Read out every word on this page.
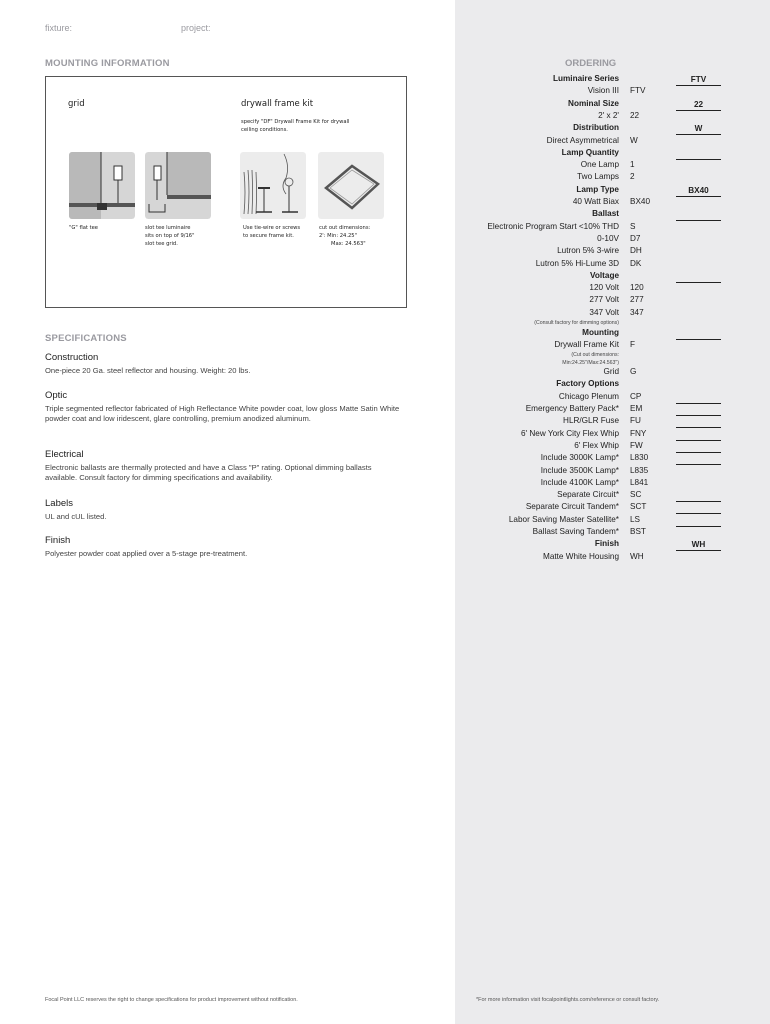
fixture:	project:
MOUNTING INFORMATION
grid	drywall frame kit
specify "DF" Drywall Frame Kit for drywall
ceiling conditions.
"G" flat tee	slot tee luminaire
sits on top of 9/16"
slot tee grid.
Use tie-wire or screws
to secure frame kit.
cut out dimensions:
2': Min: 24.25"
Max: 24.563"
SPECIFICATIONS
Construction
One-piece 20 Ga. steel reflector and housing. Weight: 20 lbs.
Optic
Triple segmented reflector fabricated of High Reflectance White powder coat, low gloss Matte Satin White powder coat and low iridescent, glare controlling, premium anodized aluminum.
Electrical
Electronic ballasts are thermally protected and have a Class "P" rating. Optional dimming ballasts available. Consult factory for dimming specifications and availability.
Labels
UL and cUL listed.
Finish
Polyester powder coat applied over a 5-stage pre-treatment.
Focal Point LLC reserves the right to change specifications for product improvement without notification.	*For more information visit focalpointlights.com/reference or consult factory.
ORDERING
Luminaire Series	FTV
Vision III FTV
Nominal Size	22
2' x 2' 22
Distribution	W
Direct Asymmetrical W
Lamp Quantity
One Lamp 1
Two Lamps 2
Lamp Type	BX40
40 Watt Biax BX40
Ballast
Electronic Program Start <10% THD S
0-10V D7
Lutron 5% 3-wire DH
Lutron 5% Hi-Lume 3D DK
Voltage
120 Volt 120
277 Volt 277
347 Volt 347
(Consult factory for dimming options)
Mounting
Drywall Frame Kit F
(Cut out dimensions:
Min:24.25"/Max:24.563")
Grid G
Factory Options
Chicago Plenum CP
Emergency Battery Pack* EM
HLR/GLR Fuse FU
6' New York City Flex Whip FNY
6' Flex Whip FW
Include 3000K Lamp* L830
Include 3500K Lamp* L835
Include 4100K Lamp* L841
Separate Circuit* SC
Separate Circuit Tandem* SCT
Labor Saving Master Satellite* LS
Ballast Saving Tandem* BST
Finish	WH
Matte White Housing WH
